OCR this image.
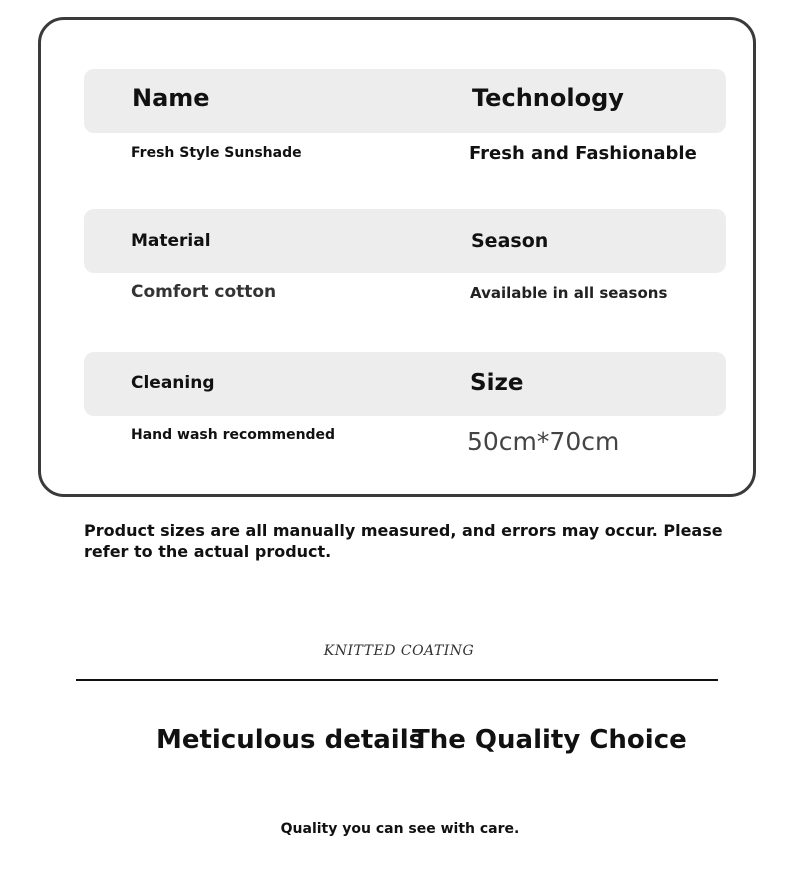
Name	Technology
Fresh Style Sunshade	Fresh and Fashionable
Material	Season
Comfort cotton	Available in all seasons
Cleaning	Size
Hand wash recommended	50cm*70cm
Product sizes are all manually measured, and errors may occur. Please refer to the actual product.
KNITTED COATING
Meticulous details
The Quality Choice
Quality you can see with care.
